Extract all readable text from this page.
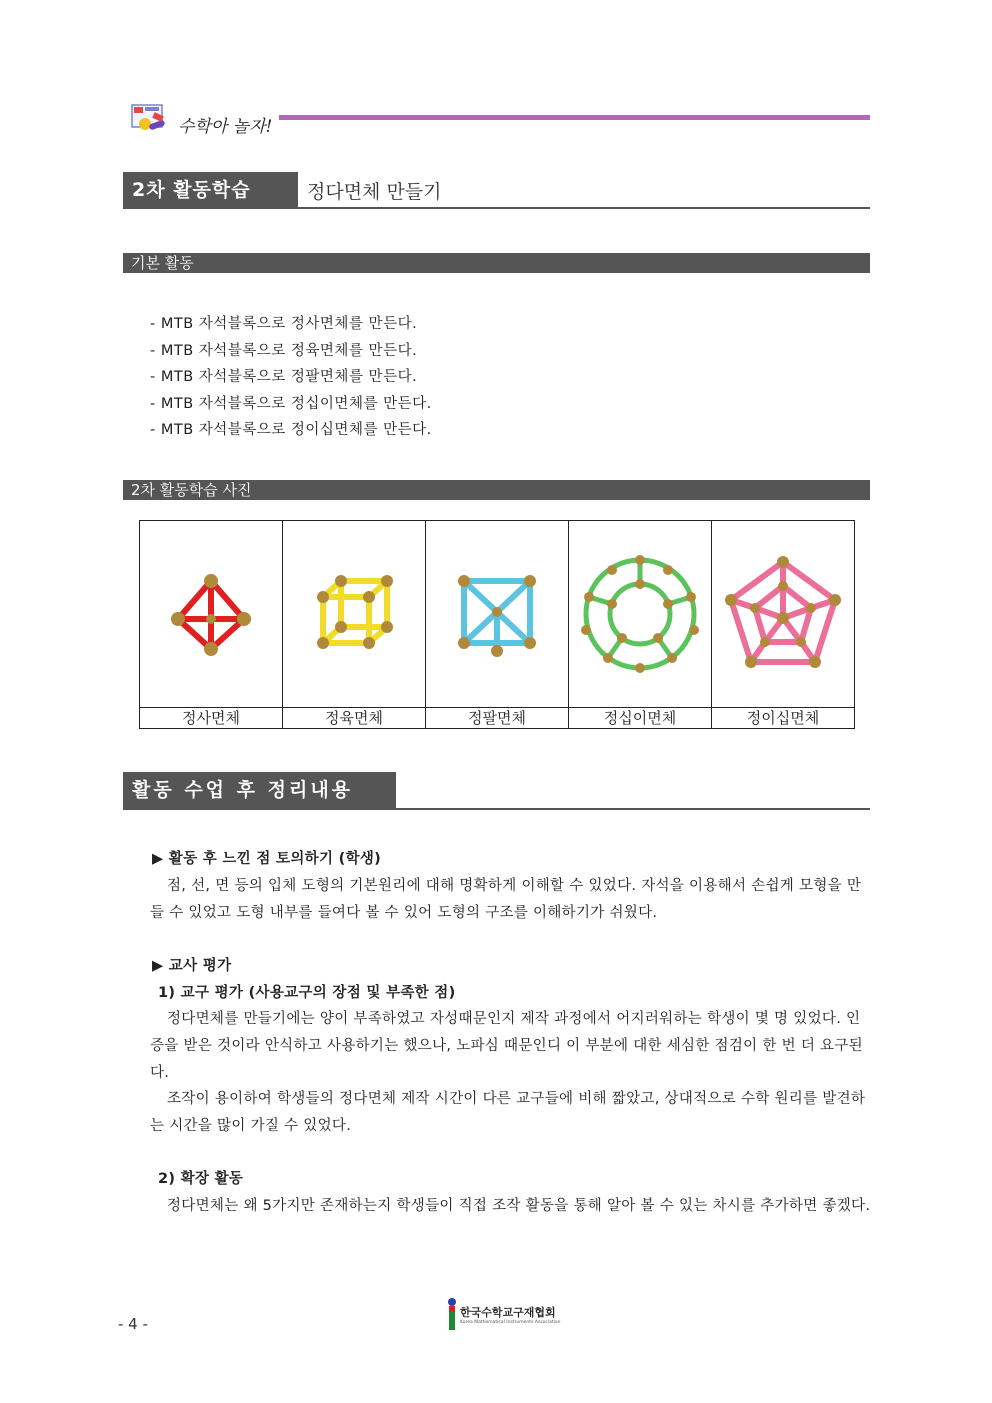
수학아 놀자!
2차 활동학습	정다면체 만들기
기본 활동
- MTB 자석블록으로 정사면체를 만든다.
- MTB 자석블록으로 정육면체를 만든다.
- MTB 자석블록으로 정팔면체를 만든다.
- MTB 자석블록으로 정십이면체를 만든다.
- MTB 자석블록으로 정이십면체를 만든다.
2차 활동학습 사진

정사면체	정육면체	정팔면체	정십이면체	정이십면체
활동 수업 후 정리내용
▶ 활동 후 느낀 점 토의하기 (학생)
점, 선, 면 등의 입체 도형의 기본원리에 대해 명확하게 이해할 수 있었다. 자석을 이용해서 손쉽게 모형을 만들 수 있었고 도형 내부를 들여다 볼 수 있어 도형의 구조를 이해하기가 쉬웠다.
▶ 교사 평가
1) 교구 평가 (사용교구의 장점 및 부족한 점)
정다면체를 만들기에는 양이 부족하였고 자성때문인지 제작 과정에서 어지러워하는 학생이 몇 명 있었다. 인증을 받은 것이라 안식하고 사용하기는 했으나, 노파심 때문인디 이 부분에 대한 세심한 점검이 한 번 더 요구된다.
조작이 용이하여 학생들의 정다면체 제작 시간이 다른 교구들에 비해 짧았고, 상대적으로 수학 원리를 발견하는 시간을 많이 가질 수 있었다.
2) 확장 활동
정다면체는 왜 5가지만 존재하는지 학생들이 직접 조작 활동을 통해 알아 볼 수 있는 차시를 추가하면 좋겠다.
- 4 -
한국수학교구재협회
Korea Mathematical Instruments Association
